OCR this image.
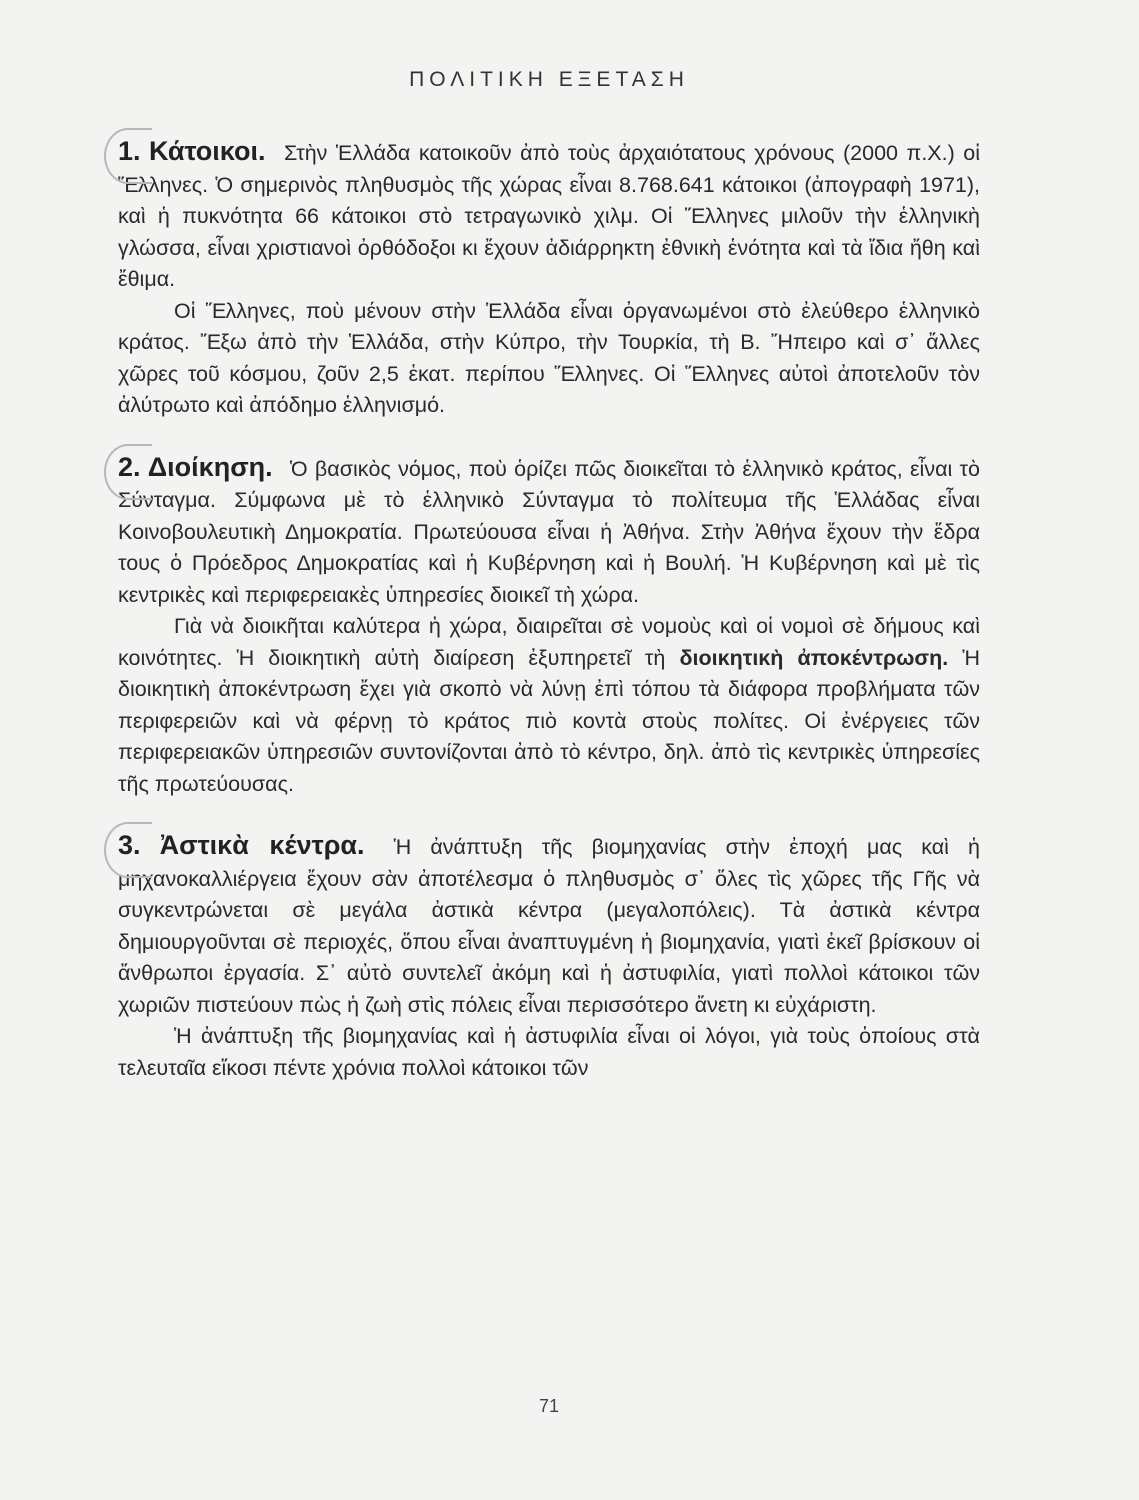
ΠΟΛΙΤΙΚΗ ΕΞΕΤΑΣΗ

1. Κάτοικοι. Στὴν Ἑλλάδα κατοικοῦν ἀπὸ τοὺς ἀρχαιότατους χρόνους (2000 π.Χ.) οἱ Ἕλληνες. Ὁ σημερινὸς πληθυσμὸς τῆς χώρας εἶναι 8.768.641 κάτοικοι (ἀπογραφὴ 1971), καὶ ἡ πυκνότητα 66 κάτοικοι στὸ τετραγωνικὸ χιλμ. Οἱ Ἕλληνες μιλοῦν τὴν ἑλληνικὴ γλώσσα, εἶναι χριστιανοὶ ὀρθόδοξοι κι ἔχουν ἀδιάρρηκτη ἐθνικὴ ἑνότητα καὶ τὰ ἴδια ἤθη καὶ ἔθιμα.

Οἱ Ἕλληνες, ποὺ μένουν στὴν Ἑλλάδα εἶναι ὀργανωμένοι στὸ ἐλεύθερο ἑλληνικὸ κράτος. Ἔξω ἀπὸ τὴν Ἑλλάδα, στὴν Κύπρο, τὴν Τουρκία, τὴ Β. Ἤπειρο καὶ σ᾿ ἄλλες χῶρες τοῦ κόσμου, ζοῦν 2,5 ἑκατ. περίπου Ἕλληνες. Οἱ Ἕλληνες αὐτοὶ ἀποτελοῦν τὸν ἀλύτρωτο καὶ ἀπόδημο ἑλληνισμό.

2. Διοίκηση. Ὁ βασικὸς νόμος, ποὺ ὁρίζει πῶς διοικεῖται τὸ ἑλληνικὸ κράτος, εἶναι τὸ Σύνταγμα. Σύμφωνα μὲ τὸ ἑλληνικὸ Σύνταγμα τὸ πολίτευμα τῆς Ἑλλάδας εἶναι Κοινοβουλευτικὴ Δημοκρατία. Πρωτεύουσα εἶναι ἡ Ἀθήνα. Στὴν Ἀθήνα ἔχουν τὴν ἕδρα τους ὁ Πρόεδρος Δημοκρατίας καὶ ἡ Κυβέρνηση καὶ ἡ Βουλή. Ἡ Κυβέρνηση καὶ μὲ τὶς κεντρικὲς καὶ περιφερειακὲς ὑπηρεσίες διοικεῖ τὴ χώρα.

Γιὰ νὰ διοικῆται καλύτερα ἡ χώρα, διαιρεῖται σὲ νομοὺς καὶ οἱ νομοὶ σὲ δήμους καὶ κοινότητες. Ἡ διοικητικὴ αὐτὴ διαίρεση ἐξυπηρετεῖ τὴ διοικητικὴ ἀποκέντρωση. Ἡ διοικητικὴ ἀποκέντρωση ἔχει γιὰ σκοπὸ νὰ λύνῃ ἐπὶ τόπου τὰ διάφορα προβλήματα τῶν περιφερειῶν καὶ νὰ φέρνῃ τὸ κράτος πιὸ κοντὰ στοὺς πολίτες. Οἱ ἐνέργειες τῶν περιφερειακῶν ὑπηρεσιῶν συντονίζονται ἀπὸ τὸ κέντρο, δηλ. ἀπὸ τὶς κεντρικὲς ὑπηρεσίες τῆς πρωτεύουσας.

3. Ἀστικὰ κέντρα. Ἡ ἀνάπτυξη τῆς βιομηχανίας στὴν ἐποχή μας καὶ ἡ μηχανοκαλλιέργεια ἔχουν σὰν ἀποτέλεσμα ὁ πληθυσμὸς σ᾿ ὅλες τὶς χῶρες τῆς Γῆς νὰ συγκεντρώνεται σὲ μεγάλα ἀστικὰ κέντρα (μεγαλοπόλεις). Τὰ ἀστικὰ κέντρα δημιουργοῦνται σὲ περιοχές, ὅπου εἶναι ἀναπτυγμένη ἡ βιομηχανία, γιατὶ ἐκεῖ βρίσκουν οἱ ἄνθρωποι ἐργασία. Σ᾿ αὐτὸ συντελεῖ ἀκόμη καὶ ἡ ἀστυφιλία, γιατὶ πολλοὶ κάτοικοι τῶν χωριῶν πιστεύουν πὼς ἡ ζωὴ στὶς πόλεις εἶναι περισσότερο ἄνετη κι εὐχάριστη.

Ἡ ἀνάπτυξη τῆς βιομηχανίας καὶ ἡ ἀστυφιλία εἶναι οἱ λόγοι, γιὰ τοὺς ὁποίους στὰ τελευταῖα εἴκοσι πέντε χρόνια πολλοὶ κάτοικοι τῶν

71
